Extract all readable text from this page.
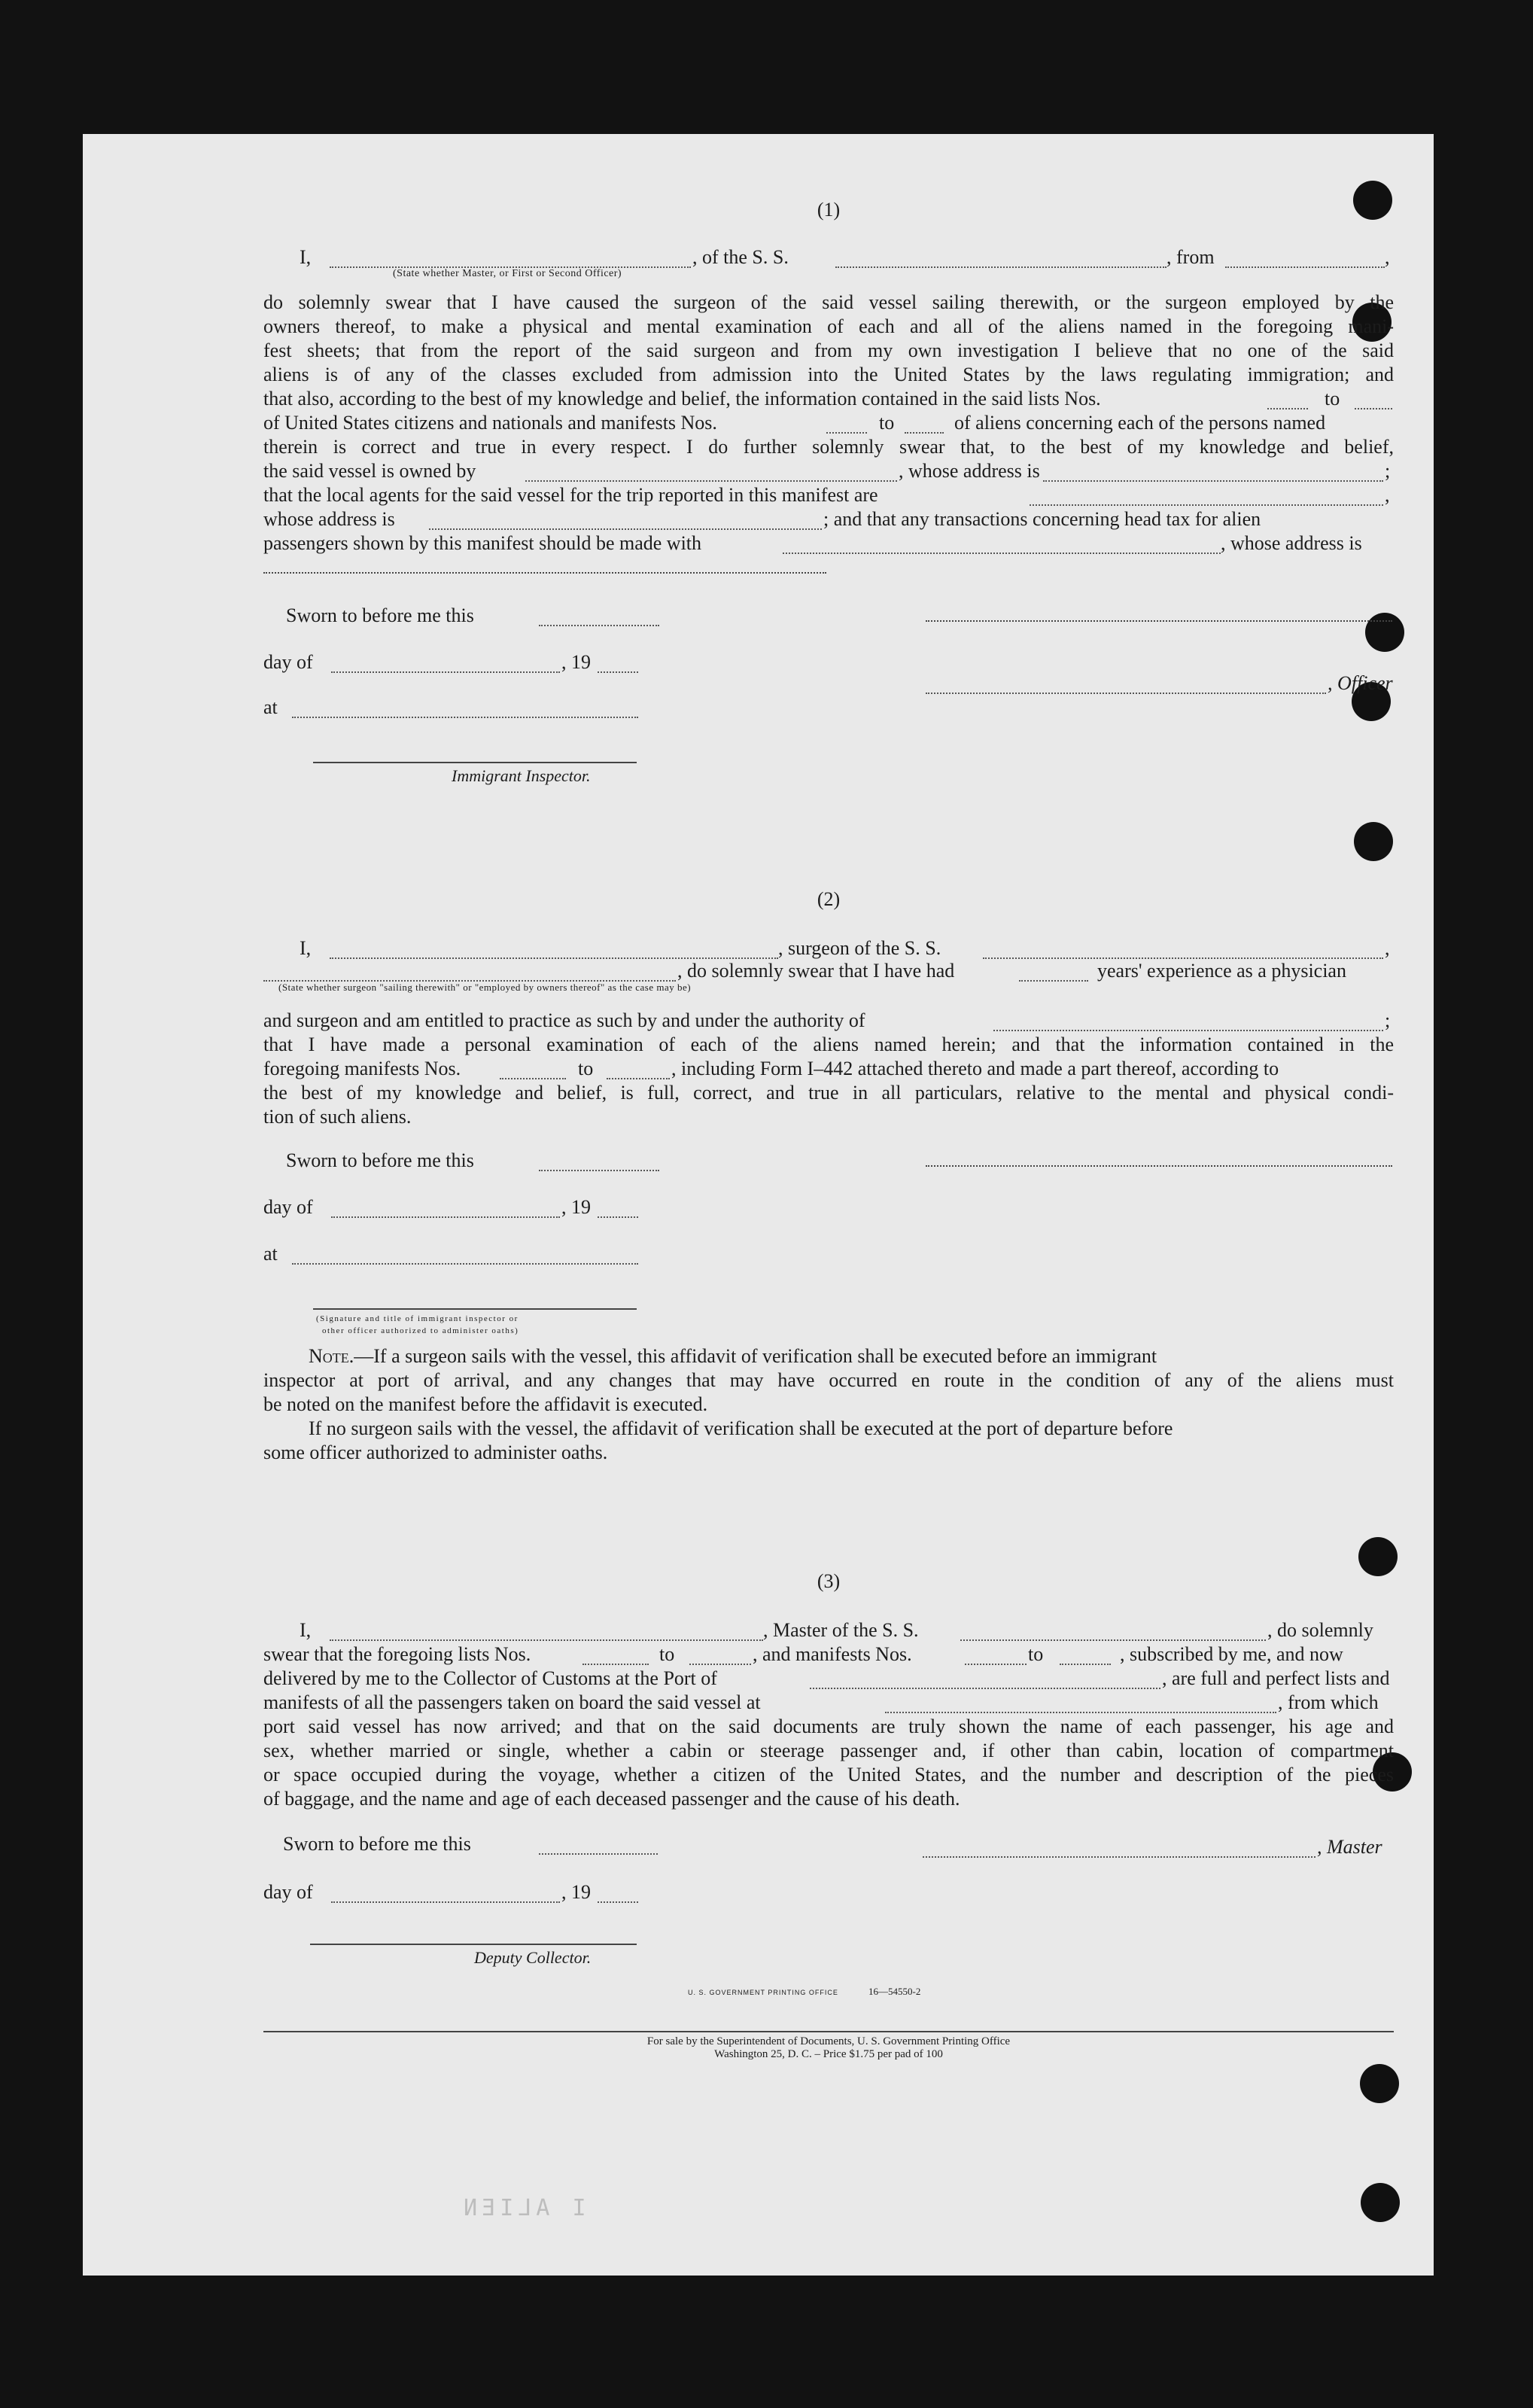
I ALIEN
(1)
I,	, of the S. S.	, from	,
(State whether Master, or First or Second Officer)
do solemnly swear that I have caused the surgeon of the said vessel sailing therewith, or the surgeon employed by the
owners thereof, to make a physical and mental examination of each and all of the aliens named in the foregoing mani-
fest sheets; that from the report of the said surgeon and from my own investigation I believe that no one of the said
aliens is of any of the classes excluded from admission into the United States by the laws regulating immigration; and
that also, according to the best of my knowledge and belief, the information contained in the said lists Nos.	to
of United States citizens and nationals and manifests Nos.	to	of aliens concerning each of the persons named
therein is correct and true in every respect. I do further solemnly swear that, to the best of my knowledge and belief,
the said vessel is owned by	, whose address is	;
that the local agents for the said vessel for the trip reported in this manifest are	,
whose address is	; and that any transactions concerning head tax for alien
passengers shown by this manifest should be made with	, whose address is
Sworn to before me this
day of	, 19
, Officer
at
Immigrant Inspector.
(2)
I,	, surgeon of the S. S.	,
, do solemnly swear that I have had	years' experience as a physician
(State whether surgeon "sailing therewith" or "employed by owners thereof" as the case may be)
and surgeon and am entitled to practice as such by and under the authority of	;
that I have made a personal examination of each of the aliens named herein; and that the information contained in the
foregoing manifests Nos.	to	, including Form I–442 attached thereto and made a part thereof, according to
the best of my knowledge and belief, is full, correct, and true in all particulars, relative to the mental and physical condi-
tion of such aliens.
Sworn to before me this
day of	, 19
at
(Signature and title of immigrant inspector or
other officer authorized to administer oaths)
Note.—If a surgeon sails with the vessel, this affidavit of verification shall be executed before an immigrant
inspector at port of arrival, and any changes that may have occurred en route in the condition of any of the aliens must
be noted on the manifest before the affidavit is executed.
If no surgeon sails with the vessel, the affidavit of verification shall be executed at the port of departure before
some officer authorized to administer oaths.
(3)
I,	, Master of the S. S.	, do solemnly
swear that the foregoing lists Nos.	to	, and manifests Nos.	to	, subscribed by me, and now
delivered by me to the Collector of Customs at the Port of	, are full and perfect lists and
manifests of all the passengers taken on board the said vessel at	, from which
port said vessel has now arrived; and that on the said documents are truly shown the name of each passenger, his age and
sex, whether married or single, whether a cabin or steerage passenger and, if other than cabin, location of compartment
or space occupied during the voyage, whether a citizen of the United States, and the number and description of the pieces
of baggage, and the name and age of each deceased passenger and the cause of his death.
Sworn to before me this	, Master
day of	, 19
Deputy Collector.
U. S. GOVERNMENT PRINTING OFFICE	16—54550-2
For sale by the Superintendent of Documents, U. S. Government Printing Office
Washington 25, D. C. – Price $1.75 per pad of 100
